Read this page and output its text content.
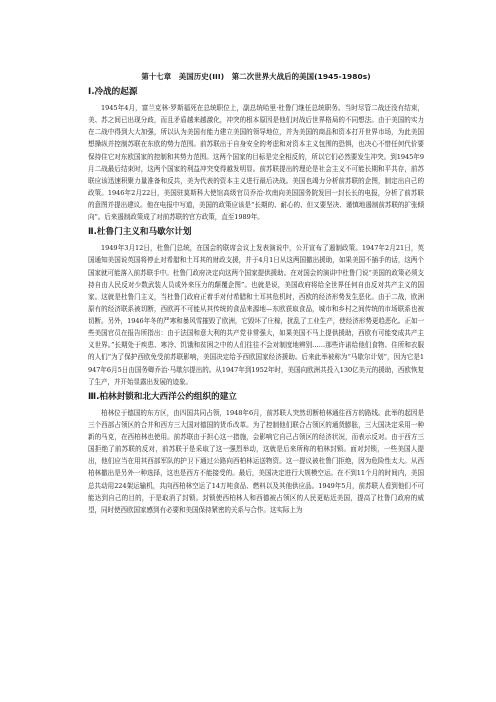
第十七章　美国历史(III)　第二次世界大战后的美国(1945-1980s)
Ⅰ.冷战的起源

1945年4月，富兰克林·罗斯福死在总统职位上，副总统哈里·杜鲁门继任总统职务。当时尽管二战还没有结束，美、苏之间已出现分歧，而且矛盾越来越激化，冲突的根本原因是他们对战后世界格局的不同想法。由于美国的实力在二战中得到大大加强，所以认为美国有能力建立美国的领导地位，并为美国的商品和资本打开世界市场，为此美国想操纵并控制苏联在东欧的势力范围。前苏联出于自身安全的考虑和对资本主义包围的恐惧，也决心不惜任何代价要保持住它对东欧国家的控制和其势力范围。这两个国家的目标是完全相反的，所以它们必然要发生冲突。到1945年9月二战最后结束时，这两个国家的利益冲突变得越发明显。前苏联提出的理论是社会主义不可能长期和平共存，前苏联应该迅速积聚力量准备和反共，美为代表的资本主义进行最后决战。美国也竭力分析前苏联的企图，制定出自己的政策。1946年2月22日，美国驻莫斯科大使馆高级官员乔治·坎南向美国国务院发回一封长长的电报，分析了前苏联的意图并提出建议。他在电报中写道，美国的政策应该是“长期的、耐心的、但又要坚决、谨慎地遏制前苏联的扩张倾向”。后来遏制政策成了对前苏联的官方政策，直至1989年。

Ⅱ.杜鲁门主义和马歇尔计划

1949年3月12日，杜鲁门总统，在国会的联席会议上发表演说中，公开宣布了遏制政策。1947年2月21日，英国通知美国说英国将停止对希腊和土耳其的财政支援，并于4月1日从这两国撤出援助，如果美国不插手的话，这两个国家就可能落入前苏联手中。杜鲁门政府决定向这两个国家提供援助。在对国会的演讲中杜鲁门说“美国的政策必须支持自由人民反对少数武装人员或外来压力的颠覆企图”。也就是说，美国政府将给全世界任何自由反对共产主义的国家。这就是杜鲁门主义，当杜鲁门政府正着手对付希腊和土耳其危机时，西欧的经济形势发生恶化。由于二战，欧洲原有的经济联系被切断，西欧再不可能从其传统的食品来源地—东欧获取食品，城市和乡村之间传统的市场联系也被切断。另外，1946年冬的严寒和暴风雪摧毁了欧洲，它毁坏了庄稼，扰乱了工业生产，使经济形势更趋恶化。正如一些美国官员在报告所指出：由于法国和意大利的共产党非常强大，如果美国不马上提供援助，西欧有可能变成共产主义世界。”长期处于疾患、寒冷、饥饿和贫困之中的人们往往不会对制度地辨别……那些许诺给他们食物、住所和衣服的人们”为了保护西欧免受前苏联影响，美国决定给予西欧国家经济援助。后来此举被称为“马歇尔计划”，因为它是1947年6月5日由国务卿乔治·马歇尔提出的。从1947年到1952年时，美国向欧洲共投入130亿美元的援助，西欧恢复了生产，并开始显露出发展的迹象。

Ⅲ.柏林封锁和北大西洋公约组织的建立

柏林位于德国的东方区，由四国共同占领，1948年6月，前苏联人突然切断柏林通往西方的路线。此举的起因是三个西部占领区的合并和西方三大国对德国的货币改革。为了控制他们联合占领区的通货膨胀，三大国决定采用一种新的马克，在西柏林也使用。前苏联由于担心这一措施，会影响它自己占领区的经济状况，而表示反对。由于西方三国拒绝了前苏联的反对，前苏联于是采取了这一强烈举动，这就是后来所称的柏林封锁。面对封锁，一些美国人提出，他们应当在用其西部军队的护卫下通过公路向西柏林运送物资。这一提议被杜鲁门拒绝，因为危险性太大。从西柏林撤出是另外一种选择，这也是西方不能接受的。最后，美国决定进行大规模空运。在不到11个月的时间内，美国总共动用224架运输机，共向西柏林空运了14万吨食品、燃料以及其他供应品。1949年5月，前苏联人看到他们不可能达到自己的目的，于是取消了封锁。封锁使西柏林人和西德被占领区的人民更贴近美国，提高了杜鲁门政府的威望，同时使西欧国家感到有必要和美国保持紧密的关系与合作。这实际上为
